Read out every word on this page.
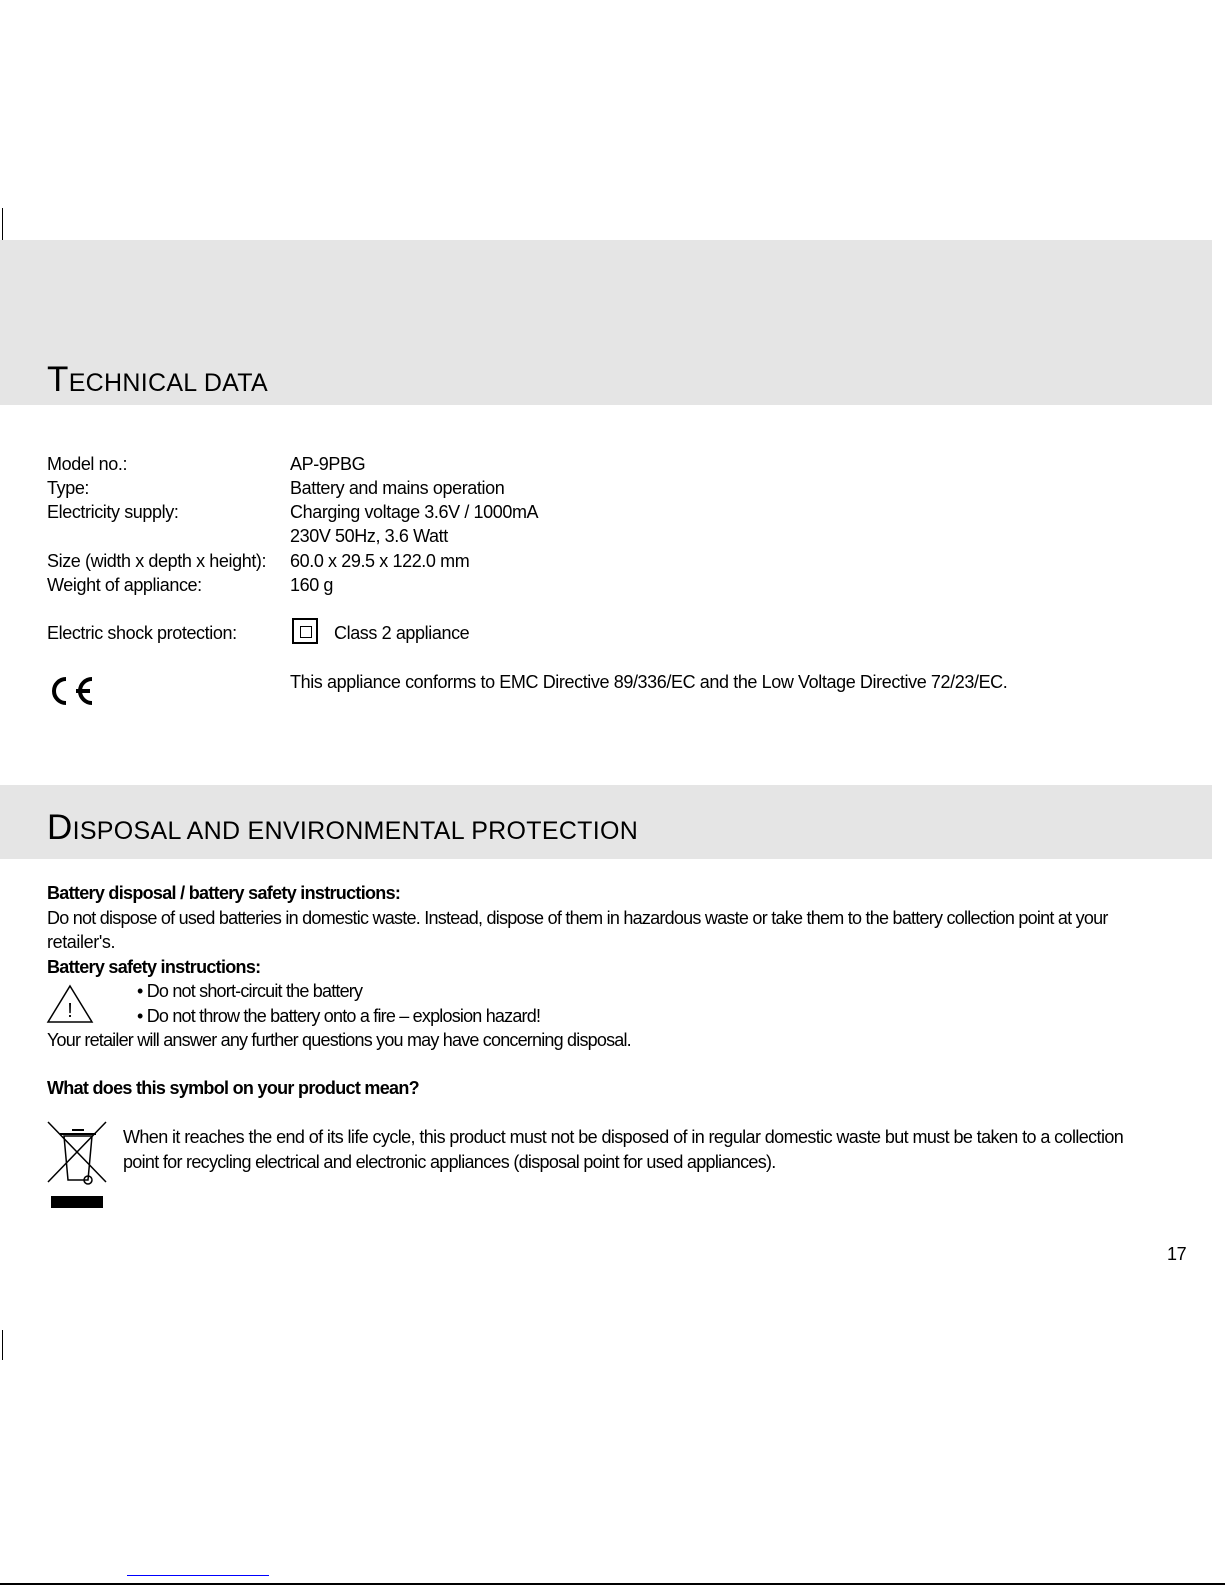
TECHNICAL DATA
Model no.:	AP-9PBG
Type:	Battery and mains operation
Electricity supply:	Charging voltage 3.6V / 1000mA
230V 50Hz, 3.6 Watt
Size (width x depth x height): 60.0 x 29.5 x 122.0 mm
Weight of appliance:	160 g
Electric shock protection:	Class 2 appliance
This appliance conforms to EMC Directive 89/336/EC and the Low Voltage Directive 72/23/EC.
DISPOSAL AND ENVIRONMENTAL PROTECTION
Battery disposal / battery safety instructions:
Do not dispose of used batteries in domestic waste. Instead, dispose of them in hazardous waste or take them to the battery collection point at your
retailer's.
Battery safety instructions:
!
• Do not short-circuit the battery
• Do not throw the battery onto a fire – explosion hazard!
Your retailer will answer any further questions you may have concerning disposal.
What does this symbol on your product mean?
When it reaches the end of its life cycle, this product must not be disposed of in regular domestic waste but must be taken to a collection
point for recycling electrical and electronic appliances (disposal point for used appliances).
17
